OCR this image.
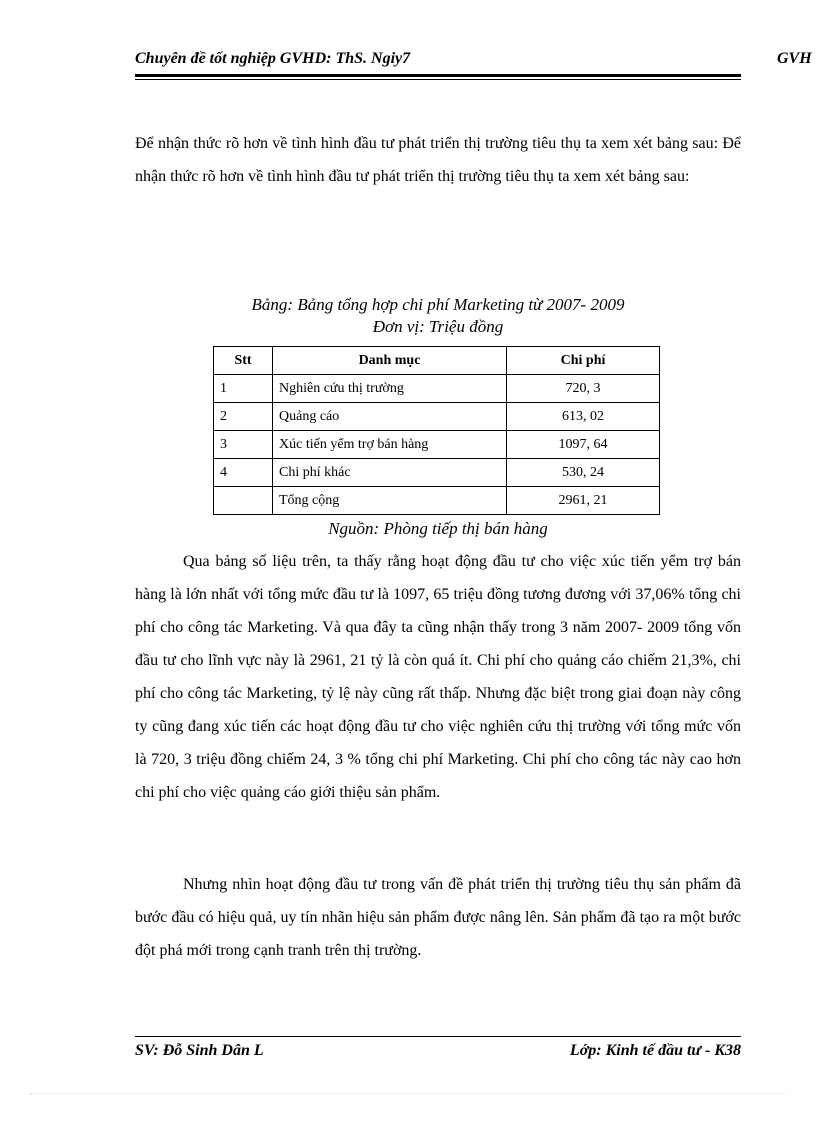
Chuyên đề tốt nghiệp GVHD: ThS. Ngiy7	GVH
Để nhận thức rõ hơn về tình hình đầu tư phát triển thị trường tiêu thụ ta xem xét bảng sau: Để nhận thức rõ hơn về tình hình đầu tư phát triển thị trường tiêu thụ ta xem xét bảng sau:
Bảng: Bảng tổng hợp chi phí Marketing từ 2007- 2009
Đơn vị: Triệu đồng
Stt	Danh mục	Chi phí
1	Nghiên cứu thị trường	720, 3
2	Quảng cáo	613, 02
3	Xúc tiến yểm trợ bán hàng	1097, 64
4	Chi phí khác	530, 24
	Tổng cộng	2961, 21
Nguồn: Phòng tiếp thị bán hàng
Qua bảng số liệu trên, ta thấy rằng hoạt động đầu tư cho việc xúc tiến yểm trợ bán hàng là lớn nhất với tổng mức đầu tư là 1097, 65 triệu đồng tương đương với 37,06% tổng chi phí cho công tác Marketing. Và qua đây ta cũng nhận thấy trong 3 năm 2007- 2009 tổng vốn đầu tư cho lĩnh vực này là 2961, 21 tỷ là còn quá ít. Chi phí cho quảng cáo chiếm 21,3%, chi phí cho công tác Marketing, tỷ lệ này cũng rất thấp. Nhưng đặc biệt trong giai đoạn này công ty cũng đang xúc tiến các hoạt động đầu tư cho việc nghiên cứu thị trường với tổng mức vốn là 720, 3 triệu đồng chiếm 24, 3 % tổng chi phí Marketing. Chi phí cho công tác này cao hơn chi phí cho việc quảng cáo giới thiệu sản phẩm.
Nhưng nhìn hoạt động đầu tư trong vấn đề phát triển thị trường tiêu thụ sản phẩm đã bước đầu có hiệu quả, uy tín nhãn hiệu sản phẩm được nâng lên. Sản phẩm đã tạo ra một bước đột phá mới trong cạnh tranh trên thị trường.
SV: Đỗ Sinh Dân L	Lớp: Kinh tế đầu tư - K38
